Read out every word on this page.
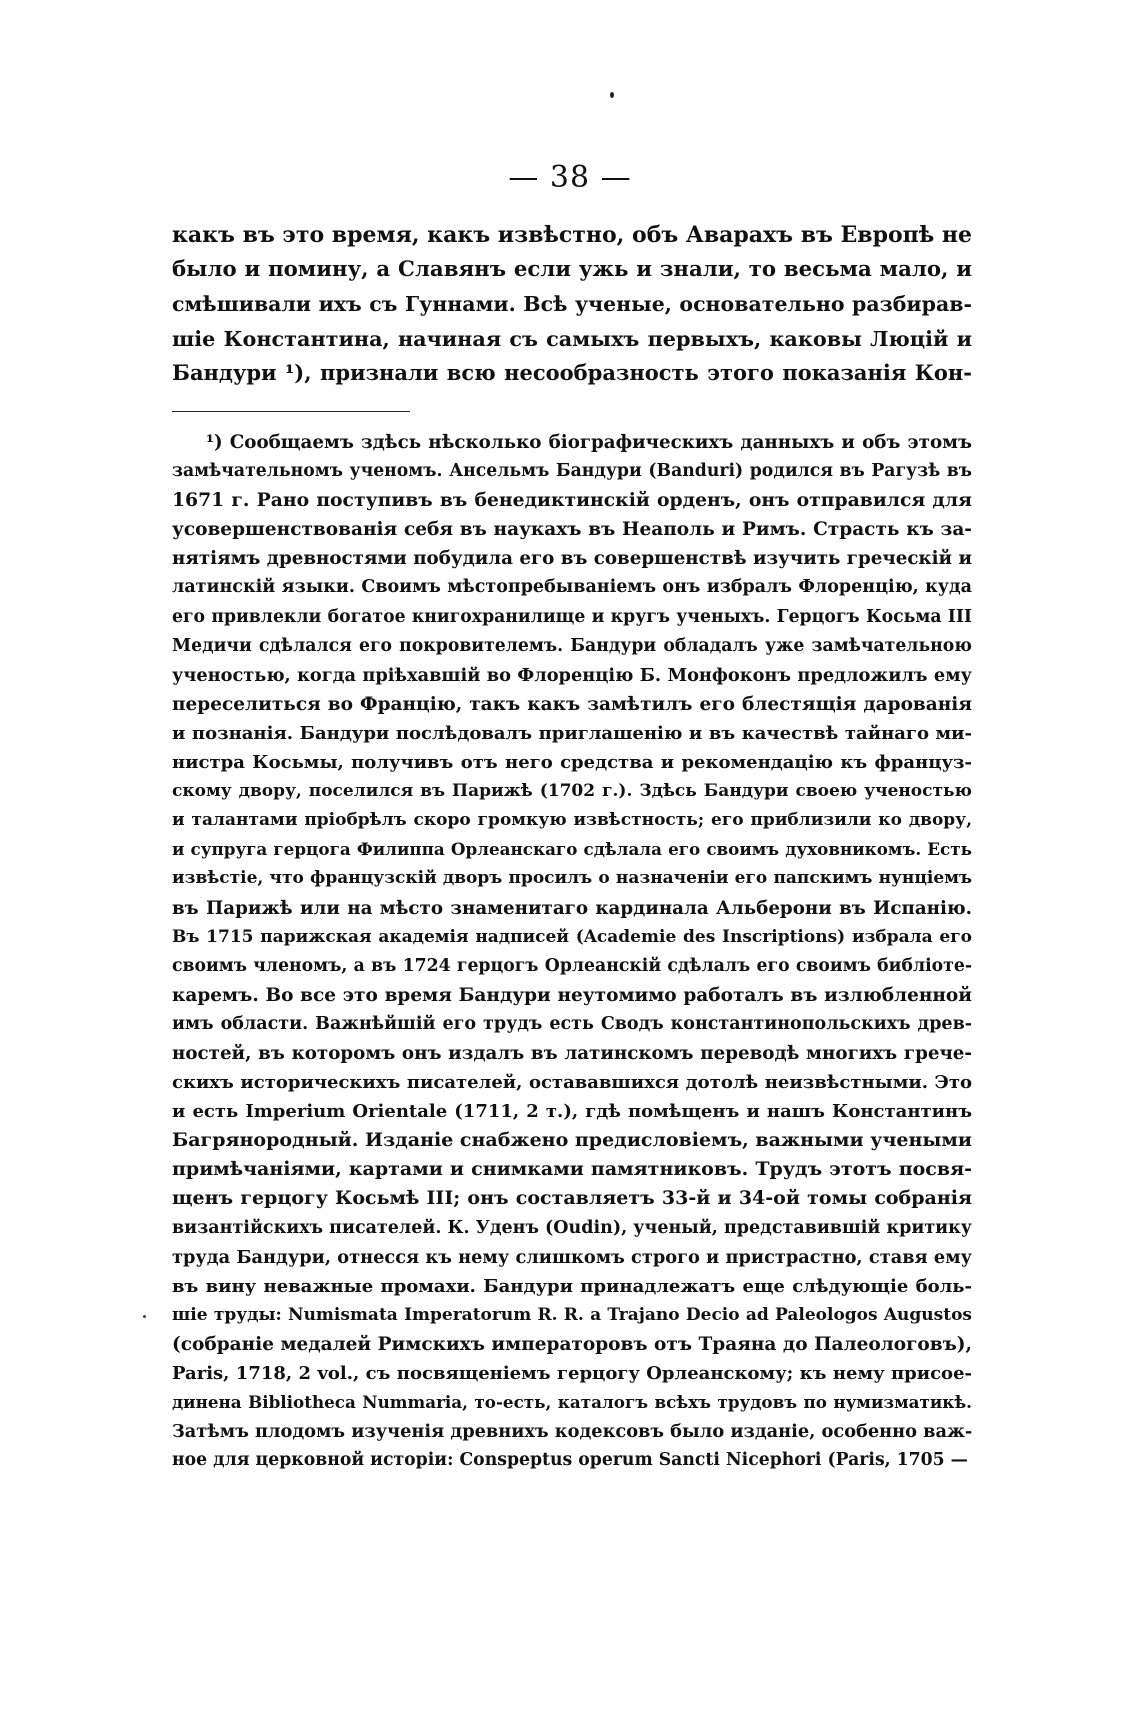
— 38 —
какъ въ это время, какъ извѣстно, объ Аварахъ въ Европѣ не
было и помину, а Славянъ если ужь и знали, то весьма мало, и
смѣшивали ихъ съ Гуннами. Всѣ ученые, основательно разбирав-
шіе Константина, начиная съ самыхъ первыхъ, каковы Люцій и
Бандури ¹), признали всю несообразность этого показанія Кон-
¹) Сообщаемъ здѣсь нѣсколько біографическихъ данныхъ и объ этомъ
замѣчательномъ ученомъ. Ансельмъ Бандури (Banduri) родился въ Рагузѣ въ
1671 г. Рано поступивъ въ бенедиктинскій орденъ, онъ отправился для
усовершенствованія себя въ наукахъ въ Неаполь и Римъ. Страсть къ за-
нятіямъ древностями побудила его въ совершенствѣ изучить греческій и
латинскій языки. Своимъ мѣстопребываніемъ онъ избралъ Флоренцію, куда
его привлекли богатое книгохранилище и кругъ ученыхъ. Герцогъ Косьма III
Медичи сдѣлался его покровителемъ. Бандури обладалъ уже замѣчательною
ученостью, когда пріѣхавшій во Флоренцію Б. Монфоконъ предложилъ ему
переселиться во Францію, такъ какъ замѣтилъ его блестящія дарованія
и познанія. Бандури послѣдовалъ приглашенію и въ качествѣ тайнаго ми-
нистра Косьмы, получивъ отъ него средства и рекомендацію къ француз-
скому двору, поселился въ Парижѣ (1702 г.). Здѣсь Бандури своею ученостью
и талантами пріобрѣлъ скоро громкую извѣстность; его приблизили ко двору,
и супруга герцога Филиппа Орлеанскаго сдѣлала его своимъ духовникомъ. Есть
извѣстіе, что французскій дворъ просилъ о назначеніи его папскимъ нунціемъ
въ Парижѣ или на мѣсто знаменитаго кардинала Альберони въ Испанію.
Въ 1715 парижская академія надписей (Academie des Inscriptions) избрала его
своимъ членомъ, а въ 1724 герцогъ Орлеанскій сдѣлалъ его своимъ библіоте-
каремъ. Во все это время Бандури неутомимо работалъ въ излюбленной
имъ области. Важнѣйшій его трудъ есть Сводъ константинопольскихъ древ-
ностей, въ которомъ онъ издалъ въ латинскомъ переводѣ многихъ грече-
скихъ историческихъ писателей, остававшихся дотолѣ неизвѣстными. Это
и есть Imperium Orientale (1711, 2 т.), гдѣ помѣщенъ и нашъ Константинъ
Багрянородный. Изданіе снабжено предисловіемъ, важными учеными
примѣчаніями, картами и снимками памятниковъ. Трудъ этотъ посвя-
щенъ герцогу Косьмѣ III; онъ составляетъ 33-й и 34-ой томы собранія
византійскихъ писателей. К. Уденъ (Oudin), ученый, представившій критику
труда Бандури, отнесся къ нему слишкомъ строго и пристрастно, ставя ему
въ вину неважные промахи. Бандури принадлежатъ еще слѣдующіе боль-
шіе труды: Numismata Imperatorum R. R. a Trajano Decio ad Paleologos Augustos
(собраніе медалей Римскихъ императоровъ отъ Траяна до Палеологовъ),
Paris, 1718, 2 vol., съ посвященіемъ герцогу Орлеанскому; къ нему присое-
динена Bibliotheca Nummaria, то-есть, каталогъ всѣхъ трудовъ по нумизматикѣ.
Затѣмъ плодомъ изученія древнихъ кодексовъ было изданіе, особенно важ-
ное для церковной исторіи: Conspeptus operum Sancti Nicephori (Paris, 1705 —
